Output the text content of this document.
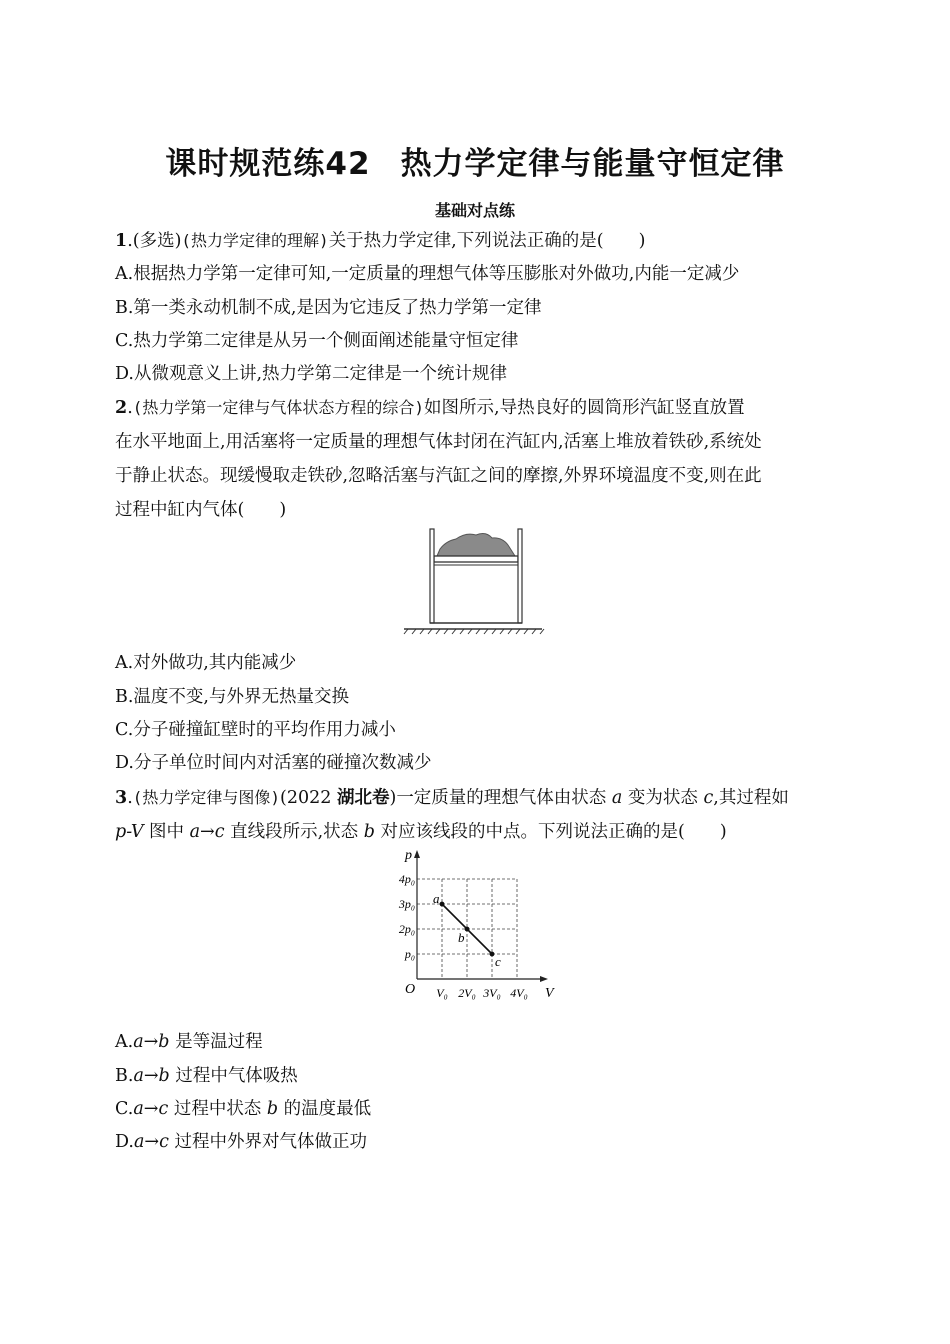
课时规范练42 热力学定律与能量守恒定律
基础对点练
1.(多选)(热力学定律的理解)关于热力学定律,下列说法正确的是(　　)
A.根据热力学第一定律可知,一定质量的理想气体等压膨胀对外做功,内能一定减少
B.第一类永动机制不成,是因为它违反了热力学第一定律
C.热力学第二定律是从另一个侧面阐述能量守恒定律
D.从微观意义上讲,热力学第二定律是一个统计规律
2.(热力学第一定律与气体状态方程的综合)如图所示,导热良好的圆筒形汽缸竖直放置
在水平地面上,用活塞将一定质量的理想气体封闭在汽缸内,活塞上堆放着铁砂,系统处
于静止状态。现缓慢取走铁砂,忽略活塞与汽缸之间的摩擦,外界环境温度不变,则在此
过程中缸内气体(　　)
A.对外做功,其内能减少
B.温度不变,与外界无热量交换
C.分子碰撞缸壁时的平均作用力减小
D.分子单位时间内对活塞的碰撞次数减少
3.(热力学定律与图像)(2022 湖北卷)一定质量的理想气体由状态 a 变为状态 c,其过程如
p-V 图中 a→c 直线段所示,状态 b 对应该线段的中点。下列说法正确的是(　　)
p
V
O
p₀
2p₀
3p₀
4p₀
V₀ 2V₀ 3V₀ 4V₀
a
b
c
A.a→b 是等温过程
B.a→b 过程中气体吸热
C.a→c 过程中状态 b 的温度最低
D.a→c 过程中外界对气体做正功
